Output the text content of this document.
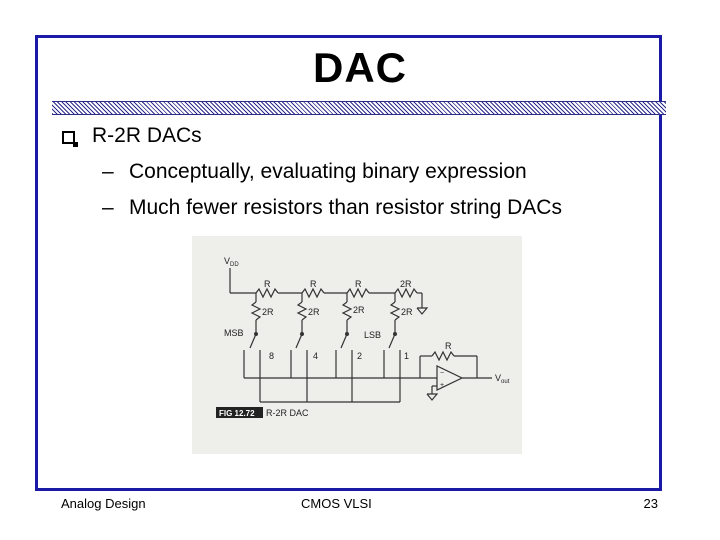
DAC
R-2R DACs
– Conceptually, evaluating binary expression
– Much fewer resistors than resistor string DACs
$V_{DD}$
R	R	R	2R
2R	2R	2R	2R
MSB	LSB
8	4	2	1
R
$V_{out}$
−
+
FIG 12.72 R-2R DAC
Analog Design	CMOS VLSI	23
